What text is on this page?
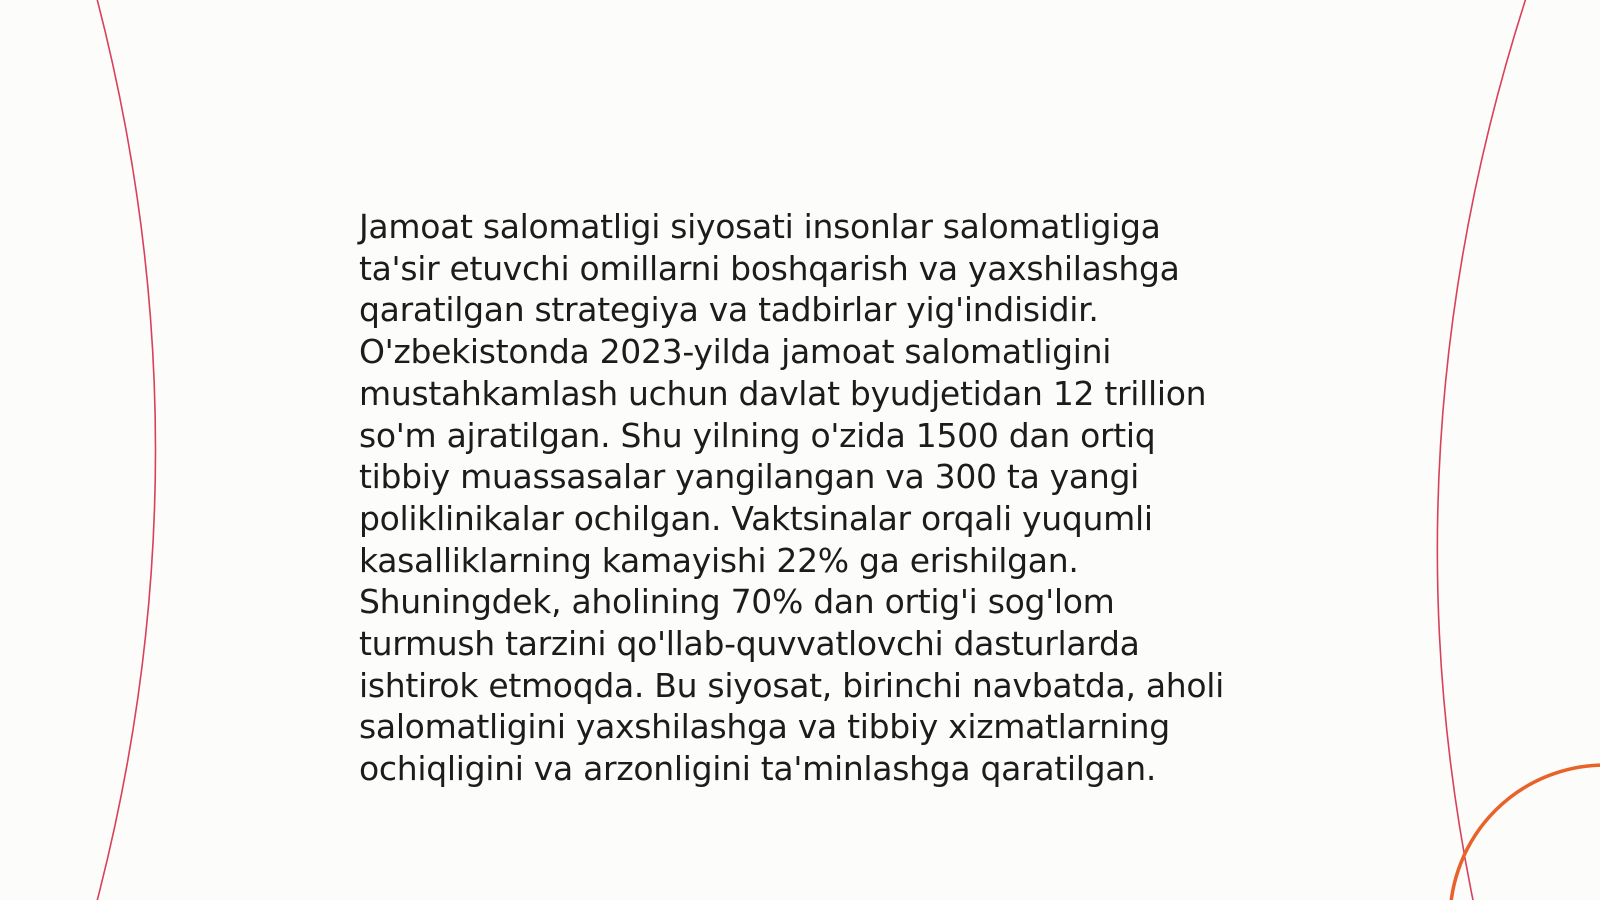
Jamoat salomatligi siyosati insonlar salomatligiga
ta'sir etuvchi omillarni boshqarish va yaxshilashga
qaratilgan strategiya va tadbirlar yig'indisidir.
O'zbekistonda 2023-yilda jamoat salomatligini
mustahkamlash uchun davlat byudjetidan 12 trillion
so'm ajratilgan. Shu yilning o'zida 1500 dan ortiq
tibbiy muassasalar yangilangan va 300 ta yangi
poliklinikalar ochilgan. Vaktsinalar orqali yuqumli
kasalliklarning kamayishi 22% ga erishilgan.
Shuningdek, aholining 70% dan ortig'i sog'lom
turmush tarzini qo'llab-quvvatlovchi dasturlarda
ishtirok etmoqda. Bu siyosat, birinchi navbatda, aholi
salomatligini yaxshilashga va tibbiy xizmatlarning
ochiqligini va arzonligini ta'minlashga qaratilgan.
